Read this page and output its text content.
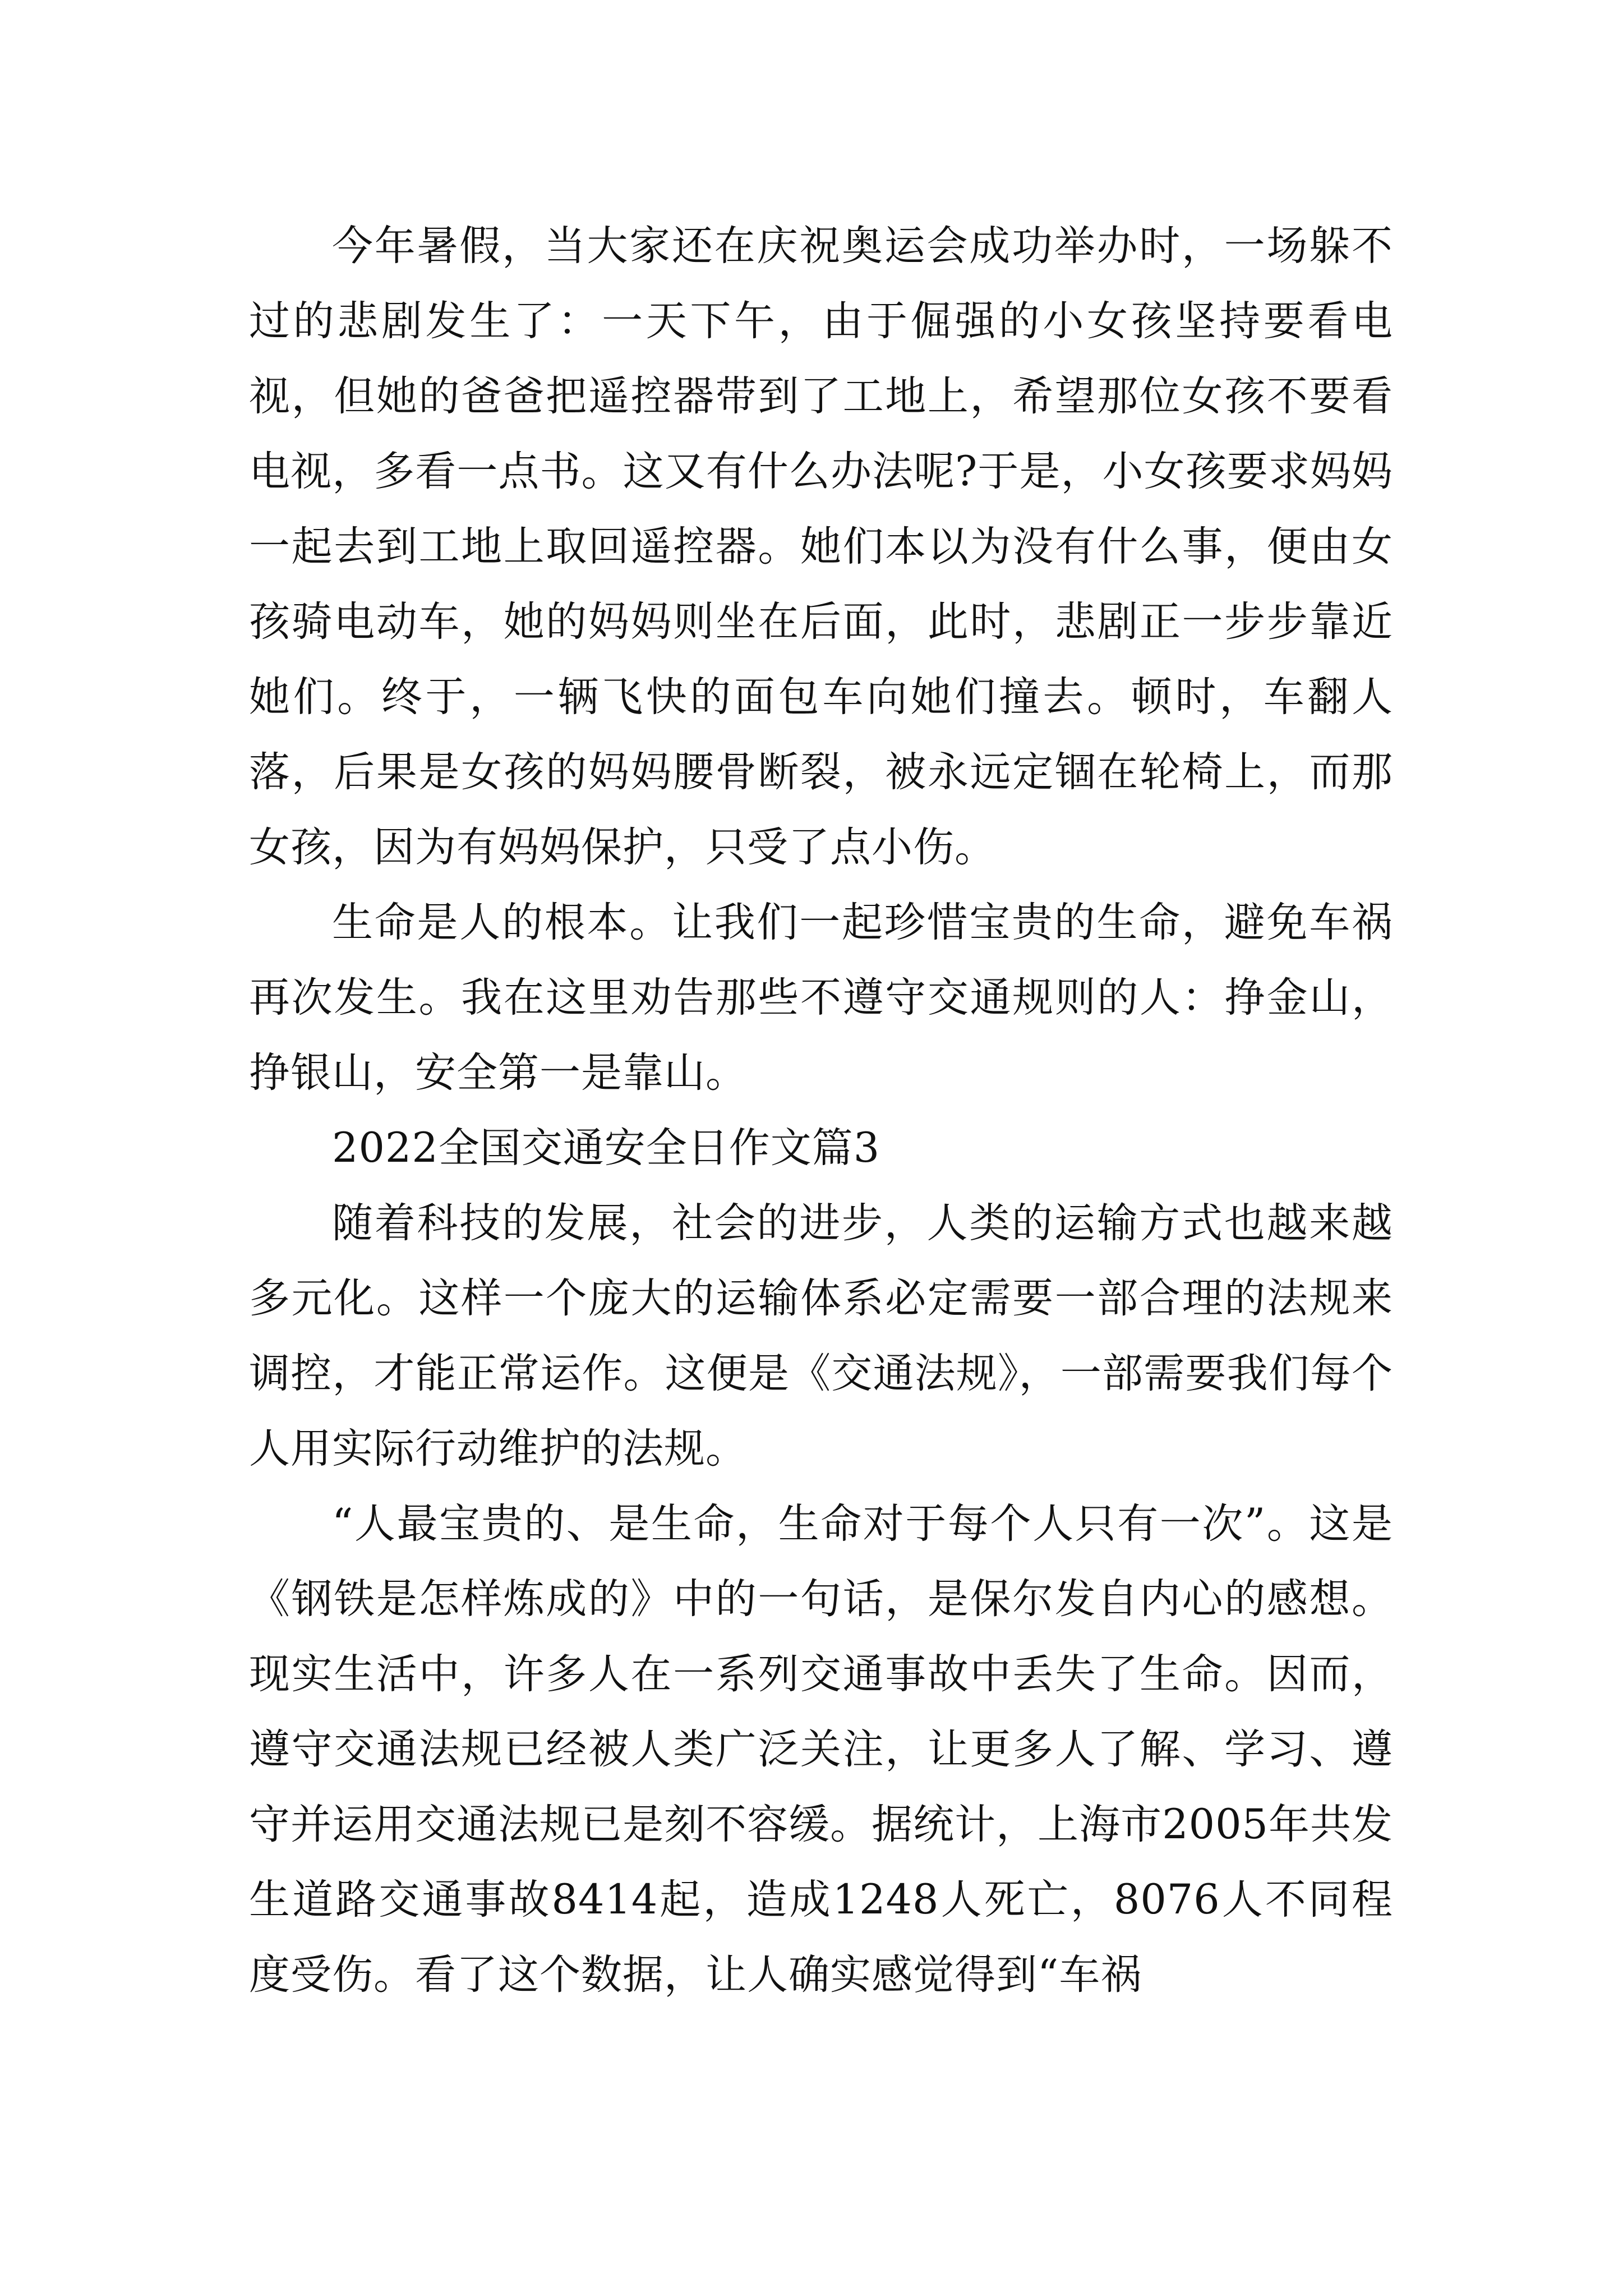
今年暑假，当大家还在庆祝奥运会成功举办时，一场躲不过的悲剧发生了：一天下午，由于倔强的小女孩坚持要看电视，但她的爸爸把遥控器带到了工地上，希望那位女孩不要看电视，多看一点书。这又有什么办法呢?于是，小女孩要求妈妈一起去到工地上取回遥控器。她们本以为没有什么事，便由女孩骑电动车，她的妈妈则坐在后面，此时，悲剧正一步步靠近她们。终于，一辆飞快的面包车向她们撞去。顿时，车翻人落，后果是女孩的妈妈腰骨断裂，被永远定锢在轮椅上，而那女孩，因为有妈妈保护，只受了点小伤。

生命是人的根本。让我们一起珍惜宝贵的生命，避免车祸再次发生。我在这里劝告那些不遵守交通规则的人：挣金山，挣银山，安全第一是靠山。

2022全国交通安全日作文篇3

随着科技的发展，社会的进步，人类的运输方式也越来越多元化。这样一个庞大的运输体系必定需要一部合理的法规来调控，才能正常运作。这便是《交通法规》，一部需要我们每个人用实际行动维护的法规。

“人最宝贵的、是生命，生命对于每个人只有一次”。这是《钢铁是怎样炼成的》中的一句话，是保尔发自内心的感想。现实生活中，许多人在一系列交通事故中丢失了生命。因而，遵守交通法规已经被人类广泛关注，让更多人了解、学习、遵守并运用交通法规已是刻不容缓。据统计，上海市2005年共发生道路交通事故8414起，造成1248人死亡，8076人不同程度受伤。看了这个数据，让人确实感觉得到“车祸
